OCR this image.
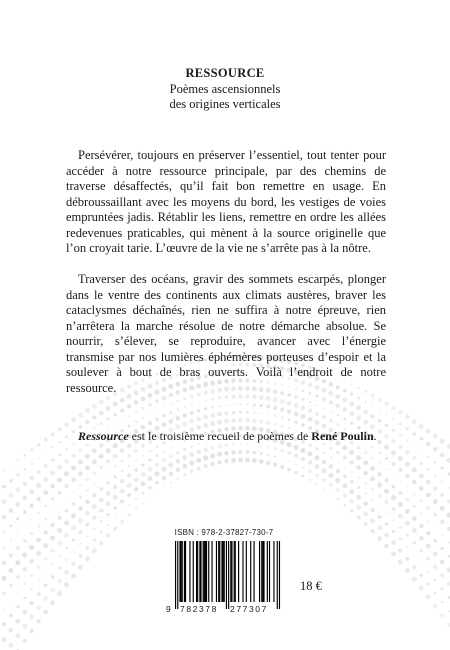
RESSOURCE
Poèmes ascensionnels
des origines verticales

Persévérer, toujours en préserver l’essentiel, tout tenter pour accéder à notre ressource principale, par des chemins de traverse désaffectés, qu’il fait bon remettre en usage. En débroussaillant avec les moyens du bord, les vestiges de voies empruntées jadis. Rétablir les liens, remettre en ordre les allées redevenues praticables, qui mènent à la source originelle que l’on croyait tarie. L’œuvre de la vie ne s’arrête pas à la nôtre.

Traverser des océans, gravir des sommets escarpés, plonger dans le ventre des continents aux climats austères, braver les cataclysmes déchaînés, rien ne suffira à notre épreuve, rien n’arrêtera la marche résolue de notre démarche absolue. Se nourrir, s’élever, se reproduire, avancer avec l’énergie transmise par nos lumières éphémères porteuses d’espoir et la soulever à bout de bras ouverts. Voilà l’endroit de notre ressource.

Ressource est le troisième recueil de poèmes de René Poulin.

ISBN : 978-2-37827-730-7
9 782378 277307
18 €
